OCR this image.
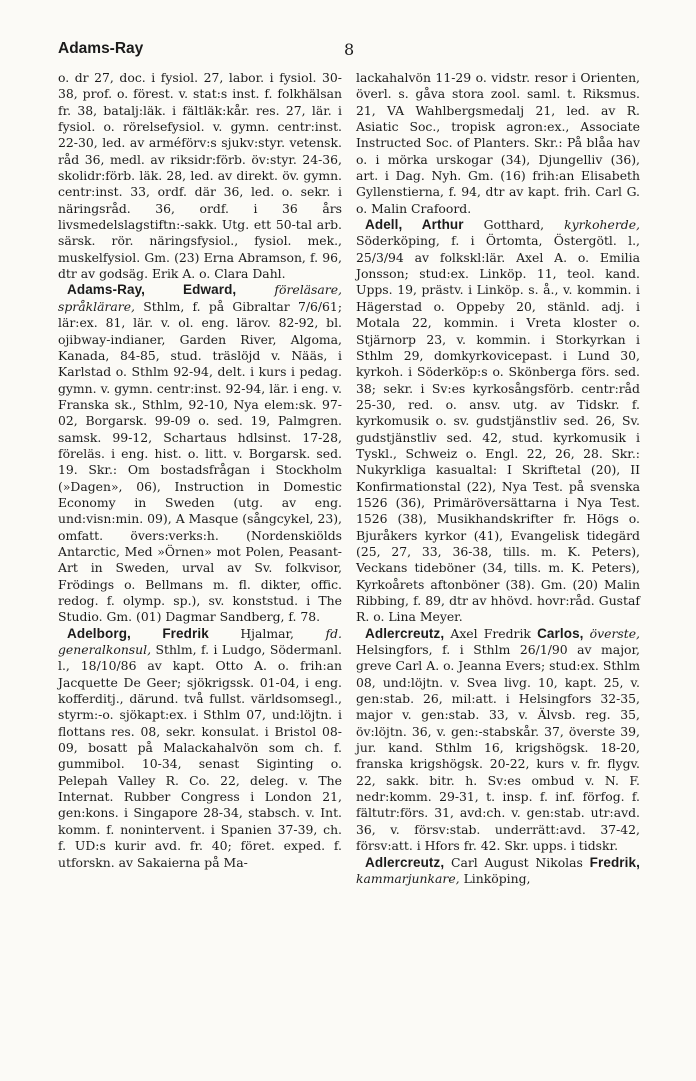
Adams-Ray	8

o. dr 27, doc. i fysiol. 27, labor. i fysiol. 30-38, prof. o. förest. v. stat:s inst. f. folkhälsan fr. 38, batalj:läk. i fältläk:kår. res. 27, lär. i fysiol. o. rörelsefysiol. v. gymn. centr:inst. 22-30, led. av arméförv:s sjukv:styr. vetensk. råd 36, medl. av riksidr:förb. öv:styr. 24-36, skolidr:förb. läk. 28, led. av direkt. öv. gymn. centr:inst. 33, ordf. där 36, led. o. sekr. i näringsråd. 36, ordf. i 36 års livsmedelslagstiftn:-sakk. Utg. ett 50-tal arb. särsk. rör. näringsfysiol., fysiol. mek., muskelfysiol. Gm. (23) Erna Abramson, f. 96, dtr av godsäg. Erik A. o. Clara Dahl.

Adams-Ray, Edward,	föreläsare, språklärare, Sthlm, f. på Gibraltar 7/6/61; lär:ex. 81, lär. v. ol. eng. lärov. 82-92, bl. ojibway-indianer, Garden River, Algoma, Kanada, 84-85, stud. träslöjd v. Nääs, i Karlstad o. Sthlm 92-94, delt. i kurs i pedag. gymn. v. gymn. centr:inst. 92-94, lär. i eng. v. Franska sk., Sthlm, 92-10, Nya elem:sk. 97-02, Borgarsk. 99-09 o. sed. 19, Palmgren. samsk. 99-12, Schartaus hdlsinst. 17-28, föreläs. i eng. hist. o. litt. v. Borgarsk. sed. 19. Skr.: Om bostadsfrågan i Stockholm (»Dagen», 06), Instruction in Domestic Economy in Sweden (utg. av eng. und:visn:min. 09), A Masque (sångcykel, 23), omfatt. övers:verks:h. (Nordenskiölds Antarctic, Med »Örnen» mot Polen, Peasant-Art in Sweden, urval av Sv. folkvisor, Frödings o. Bellmans m. fl. dikter, offic. redog. f. olymp. sp.), sv. konststud. i The Studio. Gm. (01) Dagmar Sandberg, f. 78.

Adelborg, Fredrik	Hjalmar,	fd. generalkonsul, Sthlm, f. i Ludgo, Södermanl. l., 18/10/86 av kapt. Otto A. o. frih:an Jacquette De Geer; sjökrigssk. 01-04, i eng. kofferditj., därund. två fullst. världsomsegl., styrm:-o. sjökapt:ex. i Sthlm 07, und:löjtn. i flottans res. 08, sekr. konsulat. i Bristol 08-09, bosatt på Malackahalvön som ch. f. gummibol. 10-34, senast Siginting o. Pelepah Valley R. Co. 22, deleg. v. The Internat. Rubber Congress i London 21, gen:kons. i Singapore 28-34, stabsch. v. Int. komm. f. nonintervent. i Spanien 37-39, ch. f. UD:s kurir avd. fr. 40; föret. exped. f. utforskn. av Sakaierna på Ma-

lackahalvön 11-29 o. vidstr. resor i Orienten, överl. s. gåva stora zool. saml. t. Riksmus. 21, VA Wahlbergsmedalj 21, led. av R. Asiatic Soc., tropisk agron:ex., Associate Instructed Soc. of Planters. Skr.: På blåa hav o. i mörka urskogar (34), Djungelliv (36), art. i Dag. Nyh. Gm. (16) frih:an Elisabeth Gyllenstierna, f. 94, dtr av kapt. frih. Carl G. o. Malin Crafoord.

Adell, Arthur Gotthard, kyrkoherde, Söderköping, f. i Örtomta, Östergötl. l., 25/3/94 av folkskl:lär. Axel A. o. Emilia Jonsson; stud:ex. Linköp. 11, teol. kand. Upps. 19, prästv. i Linköp. s. å., v. kommin. i Hägerstad o. Oppeby 20, stänld. adj. i Motala 22, kommin. i Vreta kloster o. Stjärnorp 23, v. kommin. i Storkyrkan i Sthlm 29, domkyrkovicepast. i Lund 30, kyrkoh. i Söderköp:s o. Skönberga förs. sed. 38; sekr. i Sv:es kyrkosångsförb. centr:råd 25-30, red. o. ansv. utg. av Tidskr. f. kyrkomusik o. sv. gudstjänstliv sed. 26, Sv. gudstjänstliv sed. 42, stud. kyrkomusik i Tyskl., Schweiz o. Engl. 22, 26, 28. Skr.: Nukyrkliga kasualtal: I Skriftetal (20), II Konfirmationstal (22), Nya Test. på svenska 1526 (36), Primäröversättarna i Nya Test. 1526 (38), Musikhandskrifter fr. Högs o. Bjuråkers kyrkor (41), Evangelisk tidegärd (25, 27, 33, 36-38, tills. m. K. Peters), Veckans tideböner (34, tills. m. K. Peters), Kyrkoårets aftonböner (38). Gm. (20) Malin Ribbing, f. 89, dtr av hhövd. hovr:råd. Gustaf R. o. Lina Meyer.

Adlercreutz, Axel Fredrik Carlos, överste, Helsingfors, f. i Sthlm 26/1/90 av major, greve Carl A. o. Jeanna Evers; stud:ex. Sthlm 08, und:löjtn. v. Svea livg. 10, kapt. 25, v. gen:stab. 26, mil:att. i Helsingfors 32-35, major v. gen:stab. 33, v. Älvsb. reg. 35, öv:löjtn. 36, v. gen:-stabskår. 37, överste 39, jur. kand. Sthlm 16, krigshögsk. 18-20, franska krigshögsk. 20-22, kurs v. fr. flygv. 22, sakk. bitr. h. Sv:es ombud v. N. F. nedr:komm. 29-31, t. insp. f. inf. förfog. f. fältutr:förs. 31, avd:ch. v. gen:stab. utr:avd. 36, v. försv:stab. underrätt:avd. 37-42, försv:att. i Hfors fr. 42. Skr. upps. i tidskr.

Adlercreutz, Carl August Nikolas Fredrik, kammarjunkare, Linköping,
